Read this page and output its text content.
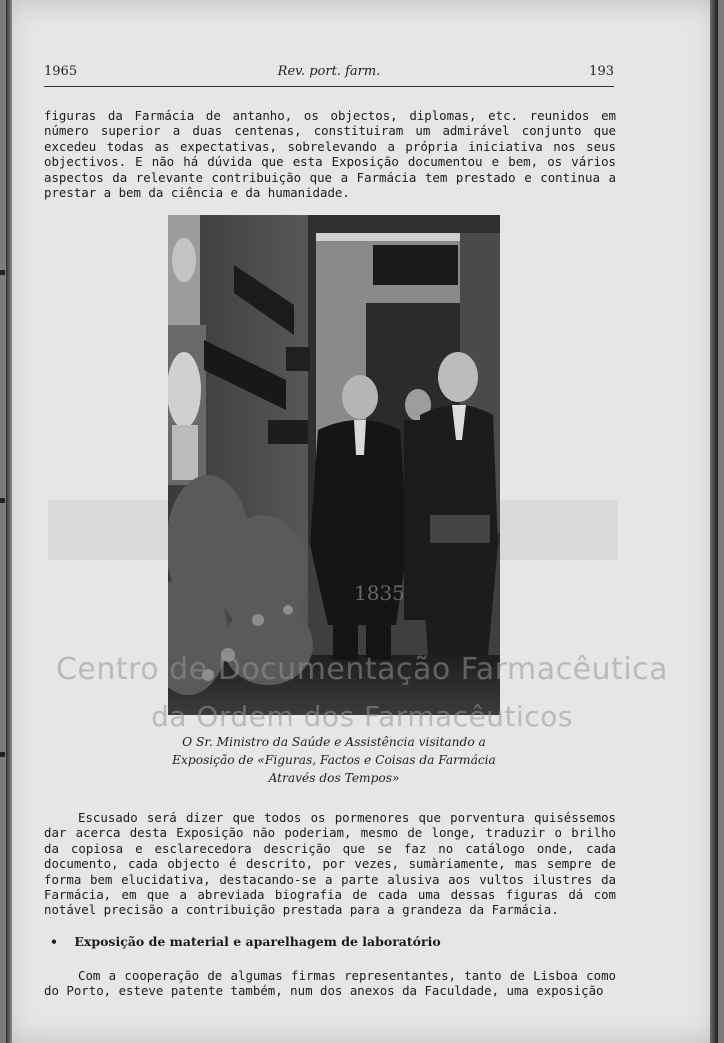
1965	Rev. port. farm.	193

figuras da Farmácia de antanho, os objectos, diplomas, etc. reunidos em número superior a duas centenas, constituiram um admirável conjunto que excedeu todas as expectativas, sobrelevando a própria iniciativa nos seus objectivos. E não há dúvida que esta Exposição documentou e bem, os vários aspectos da relevante contribuição que a Farmácia tem prestado e continua a prestar a bem da ciência e da humanidade.

1835
Centro de Documentação Farmacêutica
da Ordem dos Farmacêuticos
O Sr. Ministro da Saúde e Assistência visitando a
Exposição de «Figuras, Factos e Coisas da Farmácia
Através dos Tempos»

Escusado será dizer que todos os pormenores que porventura quiséssemos dar acerca desta Exposição não poderiam, mesmo de longe, traduzir o brilho da copiosa e esclarecedora descrição que se faz no catálogo onde, cada documento, cada objecto é descrito, por vezes, sumàriamente, mas sempre de forma bem elucidativa, destacando-se a parte alusiva aos vultos ilustres da Farmácia, em que a abreviada biografia de cada uma dessas figuras dá com notável precisão a contribuição prestada para a grandeza da Farmácia.

• Exposição de material e aparelhagem de laboratório

Com a cooperação de algumas firmas representantes, tanto de Lisboa como do Porto, esteve patente também, num dos anexos da Faculdade, uma exposição
